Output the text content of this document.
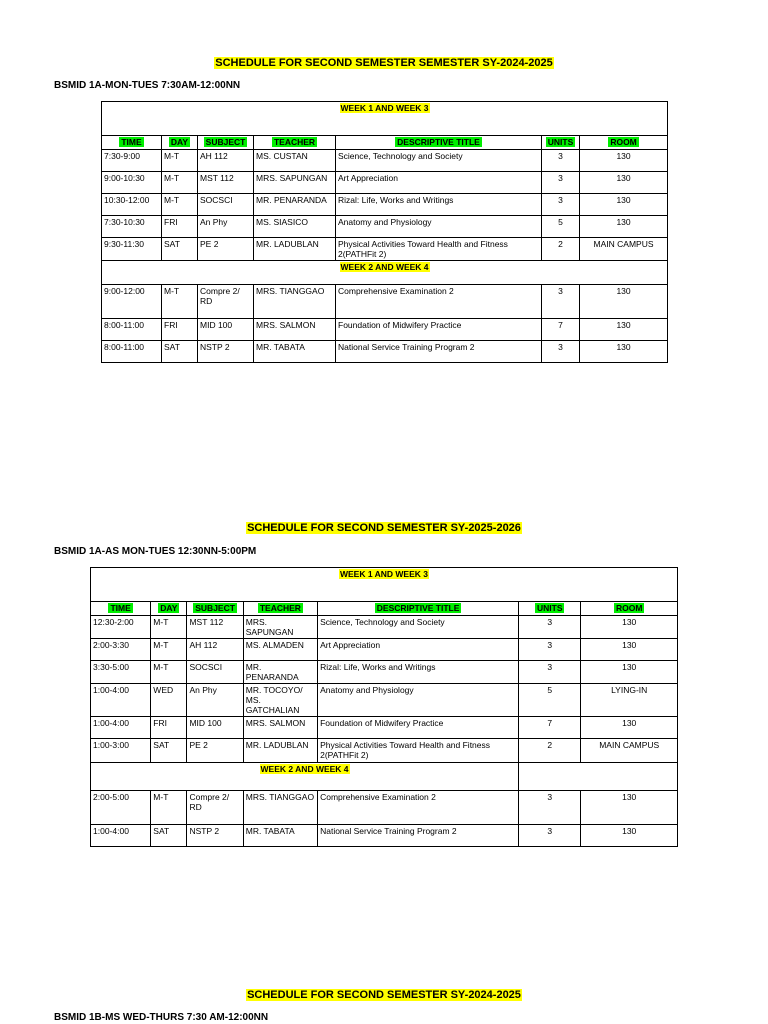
SCHEDULE FOR SECOND SEMESTER SEMESTER SY-2024-2025
BSMID 1A-MON-TUES 7:30AM-12:00NN
WEEK 1 AND WEEK 3						
TIME	DAY	SUBJECT	TEACHER	DESCRIPTIVE TITLE	UNITS	ROOM
7:30-9:00	M-T	AH 112	MS. CUSTAN	Science, Technology and Society	3	130
9:00-10:30	M-T	MST 112	MRS. SAPUNGAN	Art Appreciation	3	130
10:30-12:00	M-T	SOCSCI	MR. PENARANDA	Rizal: Life, Works and Writings	3	130
7:30-10:30	FRI	An Phy	MS. SIASICO	Anatomy and Physiology	5	130
9:30-11:30	SAT	PE 2	MR. LADUBLAN	Physical Activities Toward Health and Fitness 2(PATHFit 2)	2	MAIN CAMPUS
WEEK 2 AND WEEK 4						
9:00-12:00	M-T	Compre 2/ RD	MRS. TIANGGAO	Comprehensive Examination 2	3	130
8:00-11:00	FRI	MID 100	MRS. SALMON	Foundation of Midwifery Practice	7	130
8:00-11:00	SAT	NSTP 2	MR. TABATA	National Service Training Program 2	3	130
SCHEDULE FOR SECOND SEMESTER SY-2025-2026
BSMID 1A-AS MON-TUES 12:30NN-5:00PM
WEEK 1 AND WEEK 3						
TIME	DAY	SUBJECT	TEACHER	DESCRIPTIVE TITLE	UNITS	ROOM
12:30-2:00	M-T	MST 112	MRS. SAPUNGAN	Science, Technology and Society	3	130
2:00-3:30	M-T	AH 112	MS. ALMADEN	Art Appreciation	3	130
3:30-5:00	M-T	SOCSCI	MR. PENARANDA	Rizal: Life, Works and Writings	3	130
1:00-4:00	WED	An Phy	MR. TOCOYO/ MS. GATCHALIAN	Anatomy and Physiology	5	LYING-IN
1:00-4:00	FRI	MID 100	MRS. SALMON	Foundation of Midwifery Practice	7	130
1:00-3:00	SAT	PE 2	MR. LADUBLAN	Physical Activities Toward Health and Fitness 2(PATHFit 2)	2	MAIN CAMPUS
WEEK 2 AND WEEK 4						
2:00-5:00	M-T	Compre 2/ RD	MRS. TIANGGAO	Comprehensive Examination 2	3	130
1:00-4:00	SAT	NSTP 2	MR. TABATA	National Service Training Program 2	3	130
SCHEDULE FOR SECOND SEMESTER SY-2024-2025
BSMID 1B-MS WED-THURS 7:30 AM-12:00NN
